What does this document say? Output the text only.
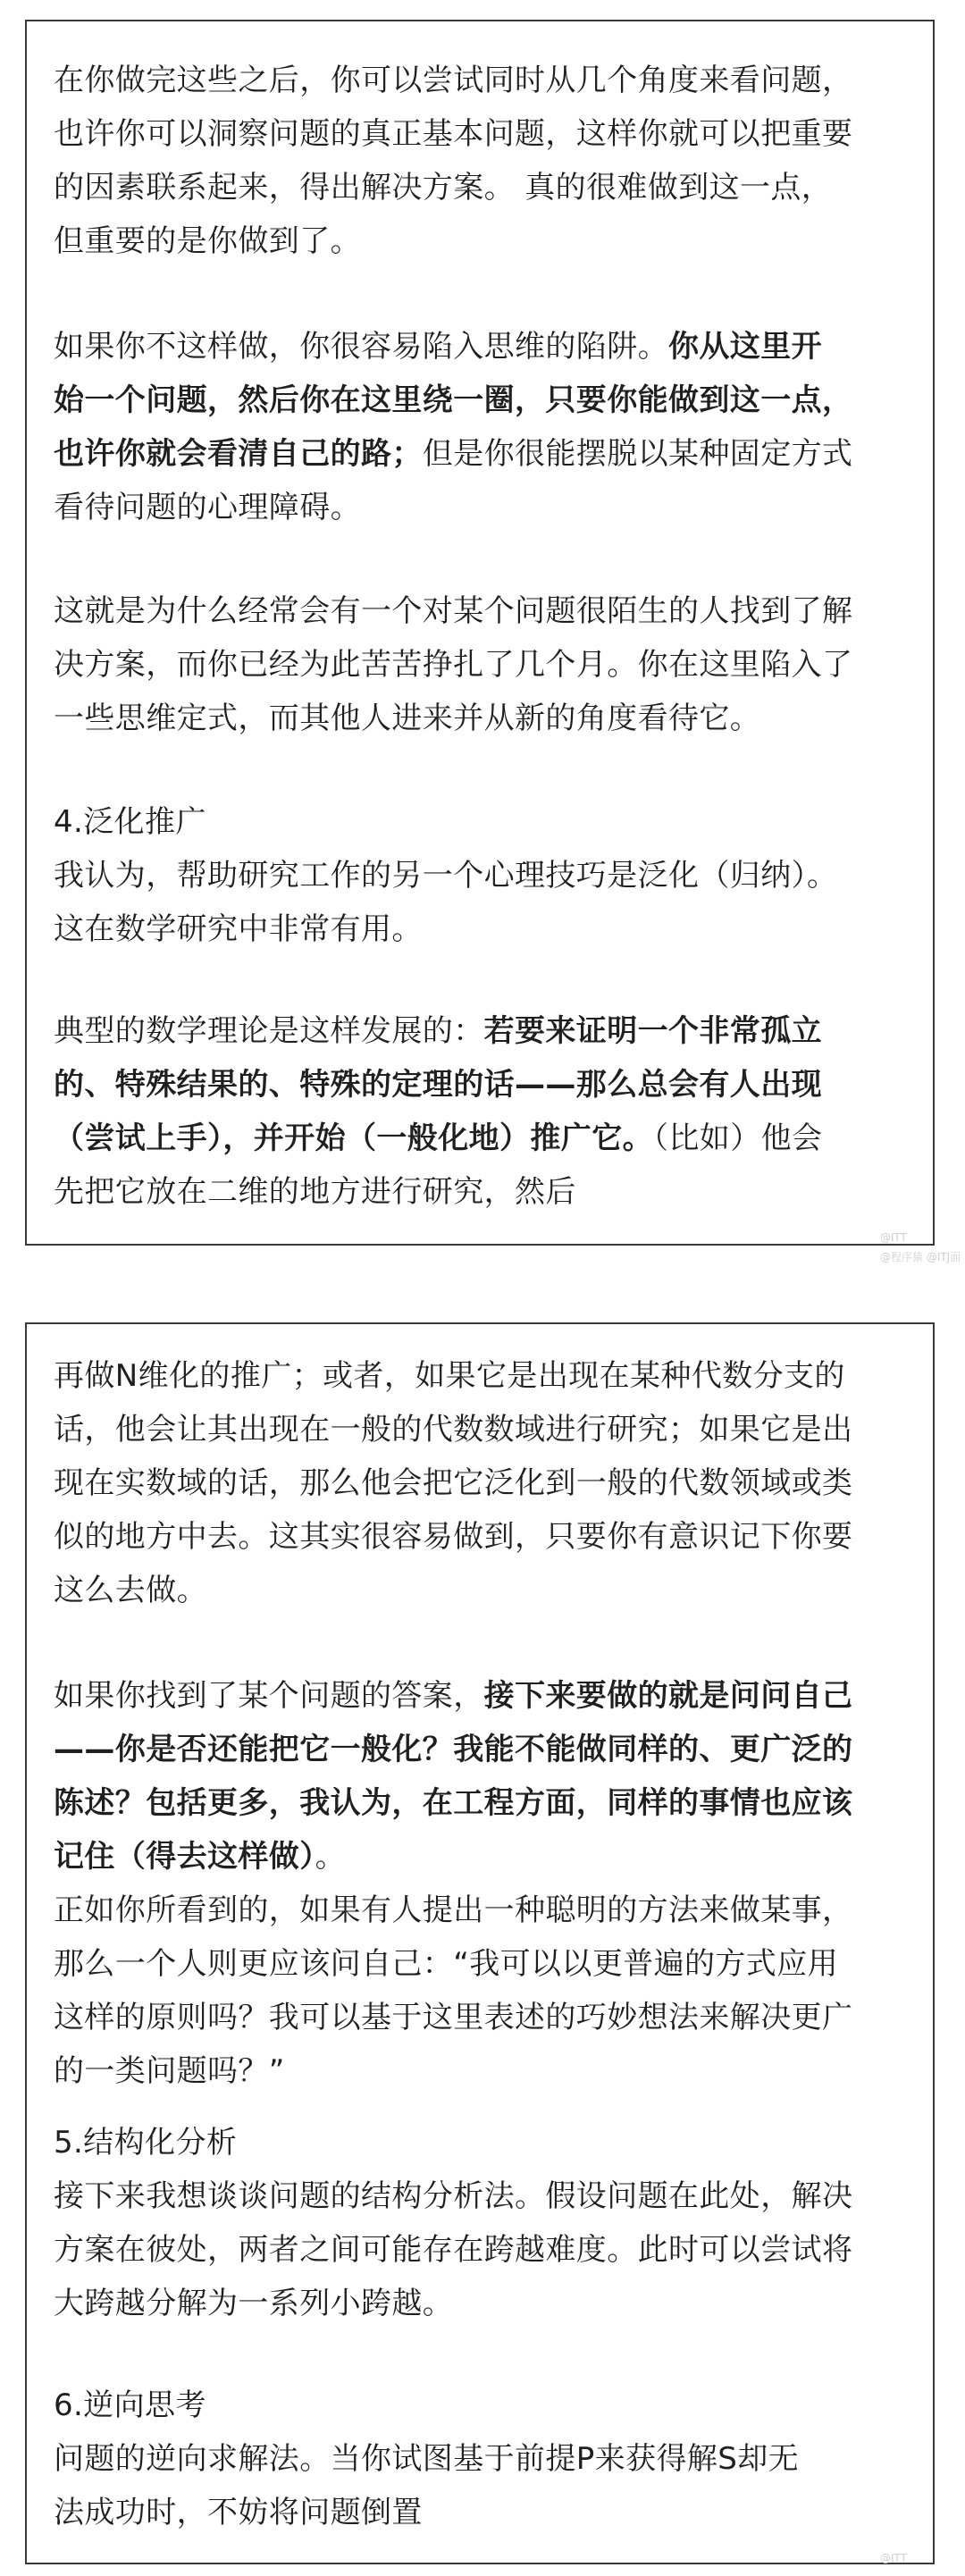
在你做完这些之后，你可以尝试同时从几个角度来看问题，
也许你可以洞察问题的真正基本问题，这样你就可以把重要
的因素联系起来，得出解决方案。 真的很难做到这一点，
但重要的是你做到了。

如果你不这样做，你很容易陷入思维的陷阱。你从这里开
始一个问题，然后你在这里绕一圈，只要你能做到这一点，
也许你就会看清自己的路；但是你很能摆脱以某种固定方式
看待问题的心理障碍。

这就是为什么经常会有一个对某个问题很陌生的人找到了解
决方案，而你已经为此苦苦挣扎了几个月。你在这里陷入了
一些思维定式，而其他人进来并从新的角度看待它。

4.泛化推广
我认为，帮助研究工作的另一个心理技巧是泛化（归纳）。
这在数学研究中非常有用。

典型的数学理论是这样发展的：若要来证明一个非常孤立
的、特殊结果的、特殊的定理的话——那么总会有人出现
（尝试上手），并开始（一般化地）推广它。（比如）他会
先把它放在二维的地方进行研究，然后

@ITT
@程序猿 @ITJ面

再做N维化的推广；或者，如果它是出现在某种代数分支的
话，他会让其出现在一般的代数数域进行研究；如果它是出
现在实数域的话，那么他会把它泛化到一般的代数领域或类
似的地方中去。这其实很容易做到，只要你有意识记下你要
这么去做。

如果你找到了某个问题的答案，接下来要做的就是问问自己
——你是否还能把它一般化？我能不能做同样的、更广泛的
陈述？包括更多，我认为，在工程方面，同样的事情也应该
记住（得去这样做）。
正如你所看到的，如果有人提出一种聪明的方法来做某事，
那么一个人则更应该问自己：“我可以以更普遍的方式应用
这样的原则吗？我可以基于这里表述的巧妙想法来解决更广
的一类问题吗？”

5.结构化分析
接下来我想谈谈问题的结构分析法。假设问题在此处，解决
方案在彼处，两者之间可能存在跨越难度。此时可以尝试将
大跨越分解为一系列小跨越。

6.逆向思考
问题的逆向求解法。当你试图基于前提P来获得解S却无
法成功时，不妨将问题倒置

@ITT
